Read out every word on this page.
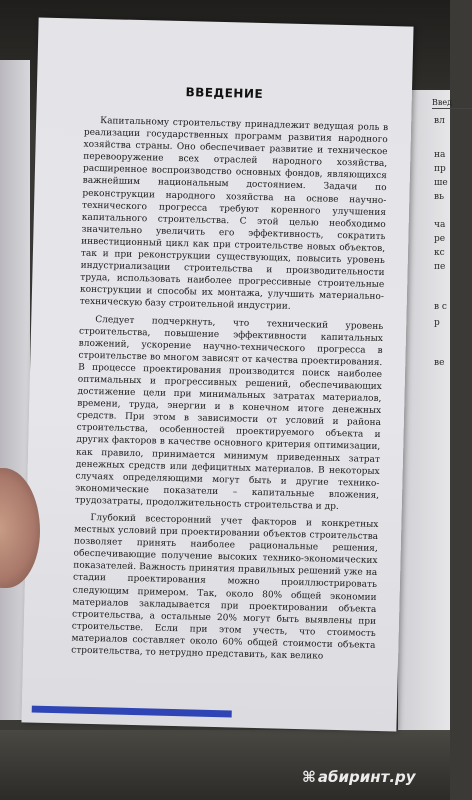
Введ
вл
на
пр
ше
вь
ча
ре
кс
пе
в с
р
ве
ВВЕДЕНИЕ

Капитальному строительству принадлежит ведущая роль в реализации государственных программ развития народного хозяйства страны. Оно обеспечивает развитие и техническое перевооружение всех отраслей народного хозяйства, расширенное воспроизводство основных фондов, являющихся важнейшим национальным достоянием. Задачи по реконструкции народного хозяйства на основе научно-технического прогресса требуют коренного улучшения капитального строительства. С этой целью необходимо значительно увеличить его эффективность, сократить инвестиционный цикл как при строительстве новых объектов, так и при реконструкции существующих, повысить уровень индустриализации строительства и производительности труда, использовать наиболее прогрессивные строительные конструкции и способы их монтажа, улучшить материально-техническую базу строительной индустрии.

Следует подчеркнуть, что технический уровень строительства, повышение эффективности капитальных вложений, ускорение научно-технического прогресса в строительстве во многом зависят от качества проектирования. В процессе проектирования производится поиск наиболее оптимальных и прогрессивных решений, обеспечивающих достижение цели при минимальных затратах материалов, времени, труда, энергии и в конечном итоге денежных средств. При этом в зависимости от условий и района строительства, особенностей проектируемого объекта и других факторов в качестве основного критерия оптимизации, как правило, принимается минимум приведенных затрат денежных средств или дефицитных материалов. В некоторых случаях определяющими могут быть и другие технико-экономические показатели – капитальные вложения, трудозатраты, продолжительность строительства и др.

Глубокий всесторонний учет факторов и конкретных местных условий при проектировании объектов строительства позволяет принять наиболее рациональные решения, обеспечивающие получение высоких технико-экономических показателей. Важность принятия правильных решений уже на стадии проектирования можно проиллюстрировать следующим примером. Так, около 80% общей экономии материалов закладывается при проектировании объекта строительства, а остальные 20% могут быть выявлены при строительстве. Если при этом учесть, что стоимость материалов составляет около 60% общей стоимости объекта строительства, то нетрудно представить, как велико

⌘ абиринт.ру
